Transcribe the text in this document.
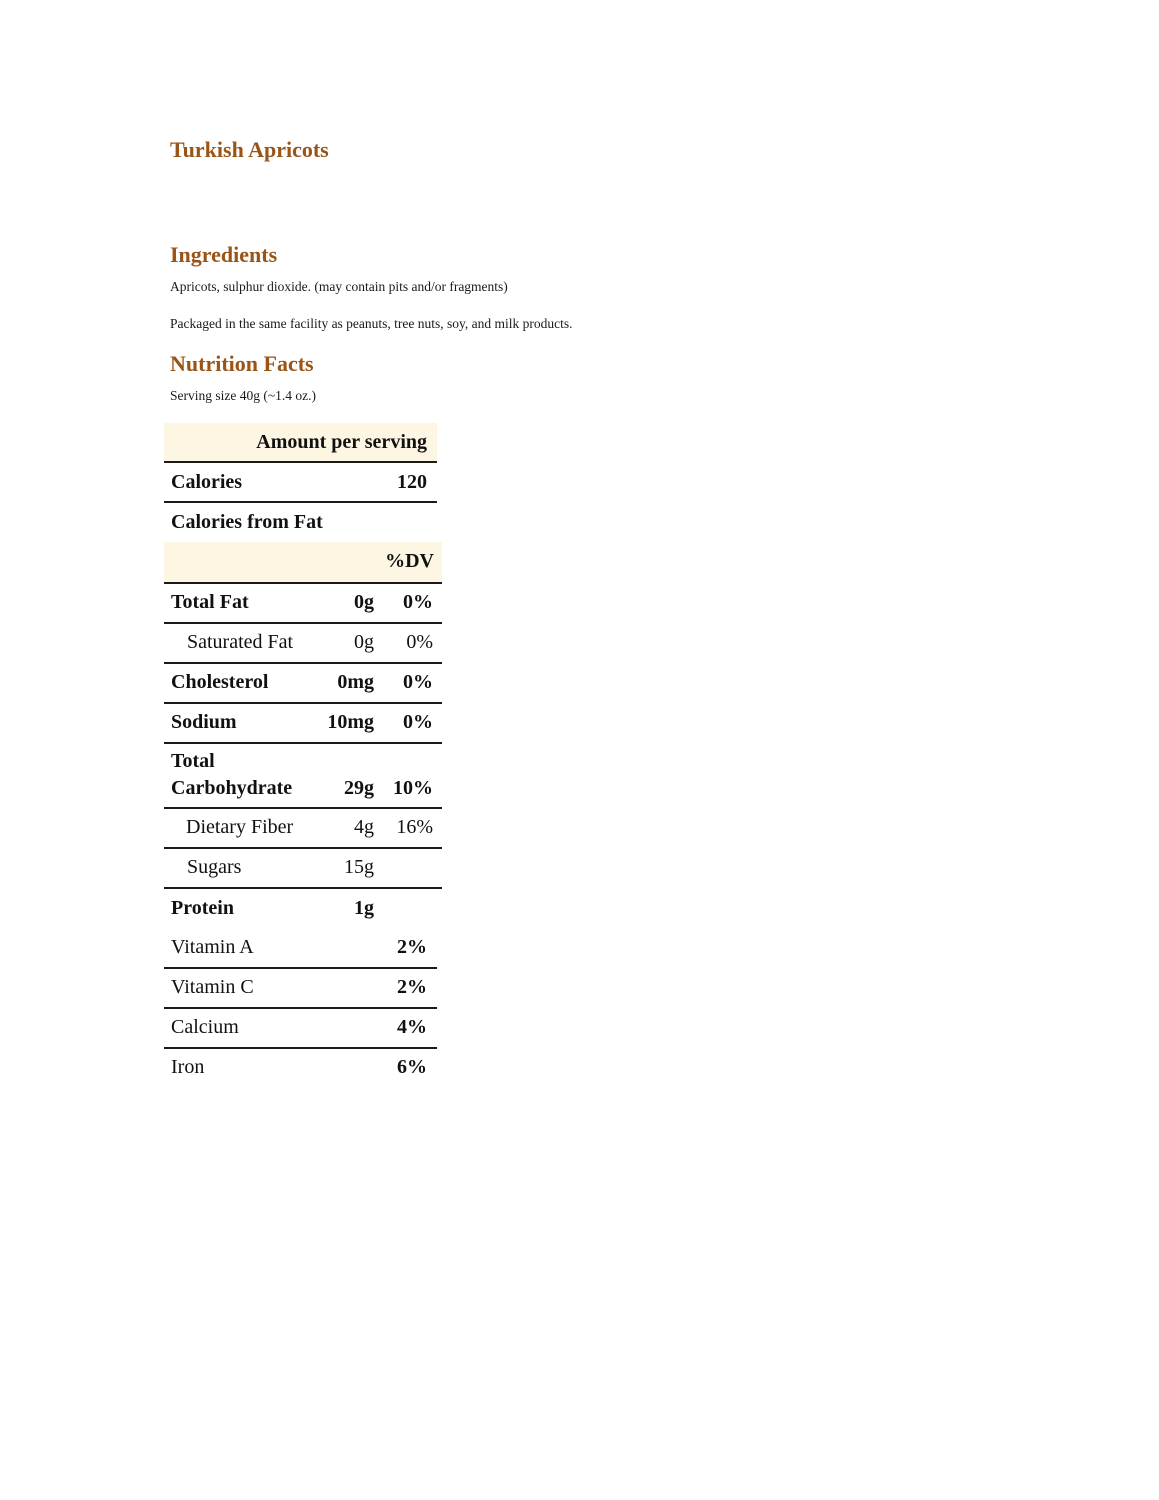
Turkish Apricots
Ingredients

Apricots, sulphur dioxide. (may contain pits and/or fragments)

Packaged in the same facility as peanuts, tree nuts, soy, and milk products.

Nutrition Facts

Serving size 40g (~1.4 oz.)

Amount per serving
Calories	120
Calories from Fat
%DV
Total Fat	0g 0%
Saturated Fat	0g 0%
Cholesterol	0mg 0%
Sodium	10mg 0%
Total
Carbohydrate	29g 10%
Dietary Fiber	4g 16%
Sugars	15g
Protein	1g
Vitamin A	2%
Vitamin C	2%
Calcium	4%
Iron	6%
